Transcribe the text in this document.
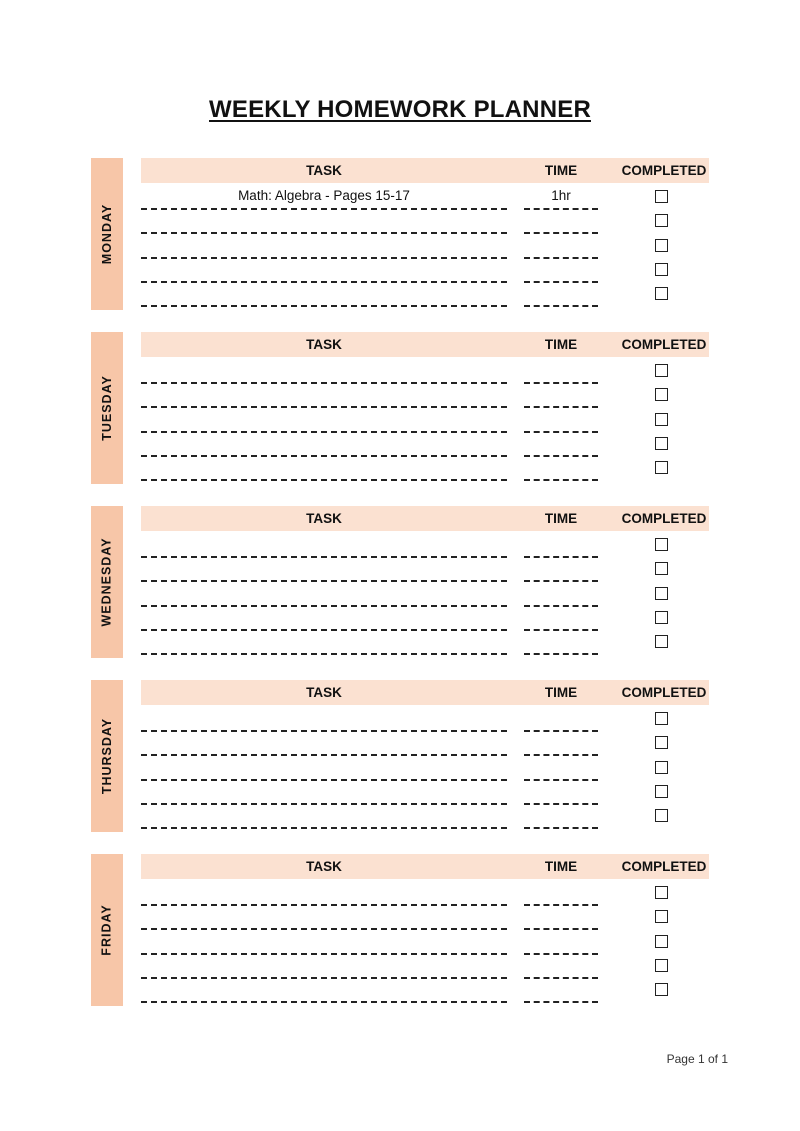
WEEKLY HOMEWORK PLANNER
MONDAY
TASK	TIME	COMPLETED
Math: Algebra - Pages 15-17	1hr
TUESDAY
TASK	TIME	COMPLETED
WEDNESDAY
TASK	TIME	COMPLETED
THURSDAY
TASK	TIME	COMPLETED
FRIDAY
TASK	TIME	COMPLETED
Page 1 of 1
